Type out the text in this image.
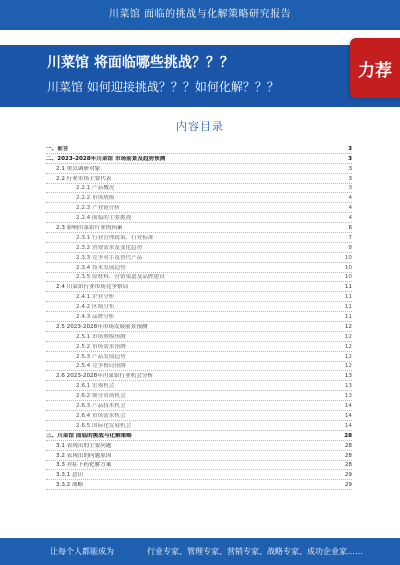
川菜馆 面临的挑战与化解策略研究报告
川菜馆 将面临哪些挑战？？？
川菜馆 如何迎接挑战？？？如何化解？？？
力荐
内容目录
一、前言	3
二、2023-2028年川菜馆 市场前景及趋势预测	3
2.1 重点调研对象	3
2.2 行业市场主要代表	3
2.2.1 产品概况	3
2.2.2 市场规模	4
2.2.3 产业链分析	4
2.2.4 面临的主要挑战	4
2.3 影响川菜馆行业的因素	6
2.3.1 行业管理政策、行业标准	7
2.3.2 消费需求及变化趋势	8
2.3.3 竞争对手及替代产品	10
2.3.4 技术发展趋势	10
2.3.5 原材料、营销渠道及品牌建设	10
2.4 川菜馆行业市场竞争格局	11
2.4.1 企业分析	11
2.4.2 区域分布	11
2.4.3 品牌分析	11
2.5 2023-2028年市场发展前景预测	12
2.5.1 市场规模预测	12
2.5.2 市场需求预测	12
2.5.3 产品发展趋势	12
2.5.4 竞争格局预测	12
2.6 2023-2028年川菜馆行业机会分析	13
2.6.1 宏观机会	13
2.6.2 细分市场机会	13
2.6.3 产品技术机会	14
2.6.4 市场需求机会	14
2.6.5 国际化发展机会	14
三、川菜馆 面临的挑战与化解策略	28
3.1 表现出的主要问题	28
3.2 表现出的问题原因	28
3.3 对症下药化解方案	28
3.3.1 意识	29
3.3.2 战略	29
让每个人都能成为	行业专家、管理专家、营销专家、战略专家、成功企业家……
